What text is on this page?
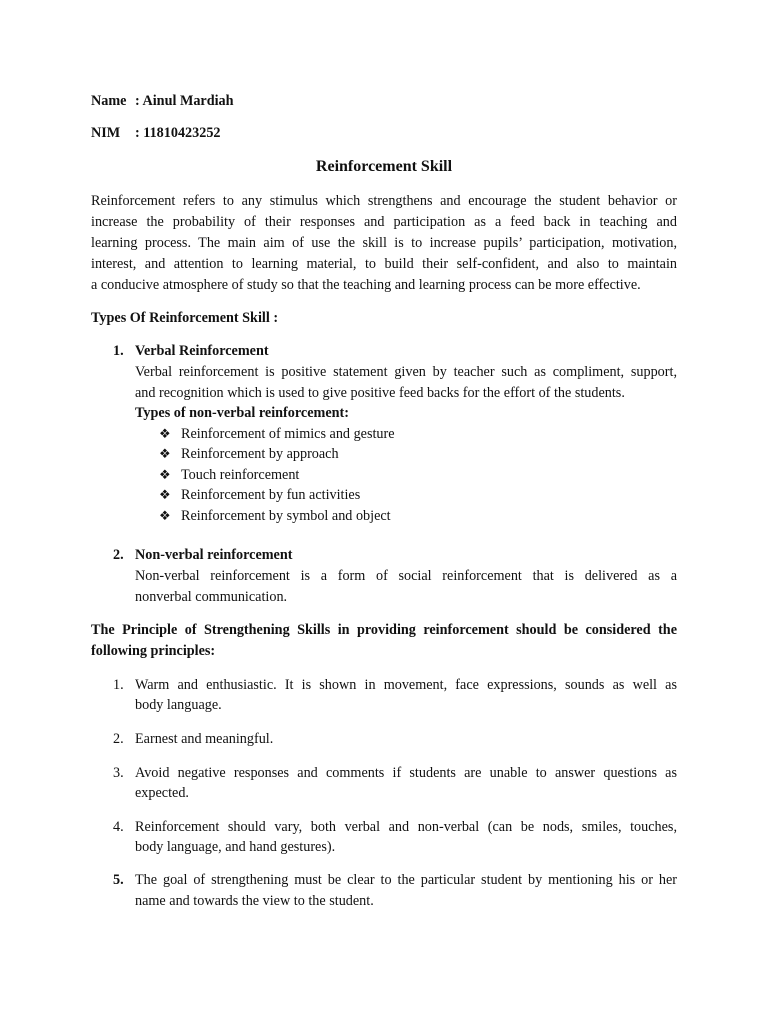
Name : Ainul Mardiah
NIM : 11810423252
Reinforcement Skill
Reinforcement refers to any stimulus which strengthens and encourage the student behavior or
increase the probability of their responses and participation as a feed back in teaching and
learning process. The main aim of use the skill is to increase pupils’ participation, motivation,
interest, and attention to learning material, to build their self-confident, and also to maintain
a conducive atmosphere of study so that the teaching and learning process can be more effective.
Types Of Reinforcement Skill :
1. Verbal Reinforcement
Verbal reinforcement is positive statement given by teacher such as compliment, support,
and recognition which is used to give positive feed backs for the effort of the students.
Types of non-verbal reinforcement:
❖ Reinforcement of mimics and gesture
❖ Reinforcement by approach
❖ Touch reinforcement
❖ Reinforcement by fun activities
❖ Reinforcement by symbol and object
2. Non-verbal reinforcement
Non-verbal reinforcement is a form of social reinforcement that is delivered as a
nonverbal communication.
The Principle of Strengthening Skills in providing reinforcement should be considered the
following principles:
1. Warm and enthusiastic. It is shown in movement, face expressions, sounds as well as
body language.
2. Earnest and meaningful.
3. Avoid negative responses and comments if students are unable to answer questions as
expected.
4. Reinforcement should vary, both verbal and non-verbal (can be nods, smiles, touches,
body language, and hand gestures).
5. The goal of strengthening must be clear to the particular student by mentioning his or her
name and towards the view to the student.
